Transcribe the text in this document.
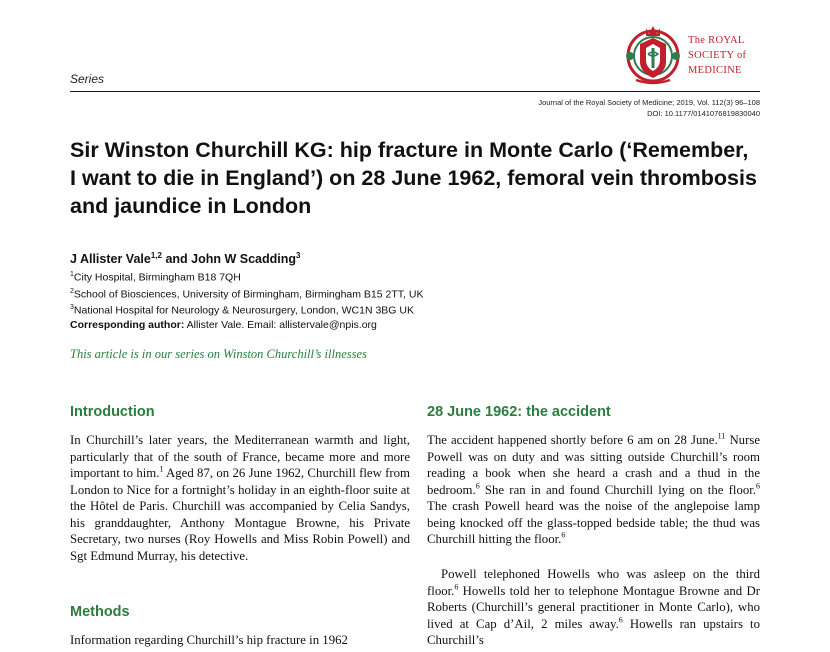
Series
The ROYAL
SOCIETY of
MEDICINE
Journal of the Royal Society of Medicine; 2019, Vol. 112(3) 96–108
DOI: 10.1177/0141076819830040
Sir Winston Churchill KG: hip fracture in Monte Carlo (‘Remember, I want to die in England’) on 28 June 1962, femoral vein thrombosis and jaundice in London
J Allister Vale$^{1,2}$ and John W Scadding$^3$
$^1$City Hospital, Birmingham B18 7QH
$^2$School of Biosciences, University of Birmingham, Birmingham B15 2TT, UK
$^3$National Hospital for Neurology & Neurosurgery, London, WC1N 3BG UK
Corresponding author: Allister Vale. Email: allistervale@npis.org
This article is in our series on Winston Churchill’s illnesses
Introduction
In Churchill’s later years, the Mediterranean warmth and light, particularly that of the south of France, became more and more important to him.$^1$ Aged 87, on 26 June 1962, Churchill flew from London to Nice for a fortnight’s holiday in an eighth-floor suite at the Hôtel de Paris. Churchill was accompanied by Celia Sandys, his granddaughter, Anthony Montague Browne, his Private Secretary, two nurses (Roy Howells and Miss Robin Powell) and Sgt Edmund Murray, his detective.
Methods
Information regarding Churchill’s hip fracture in 1962
28 June 1962: the accident
The accident happened shortly before 6 am on 28 June.$^{11}$ Nurse Powell was on duty and was sitting outside Churchill’s room reading a book when she heard a crash and a thud in the bedroom.$^6$ She ran in and found Churchill lying on the floor.$^6$ The crash Powell heard was the noise of the anglepoise lamp being knocked off the glass-topped bedside table; the thud was Churchill hitting the floor.$^6$
Powell telephoned Howells who was asleep on the third floor.$^6$ Howells told her to telephone Montague Browne and Dr Roberts (Churchill’s general practitioner in Monte Carlo), who lived at Cap d’Ail, 2 miles away.$^6$ Howells ran upstairs to Churchill’s
